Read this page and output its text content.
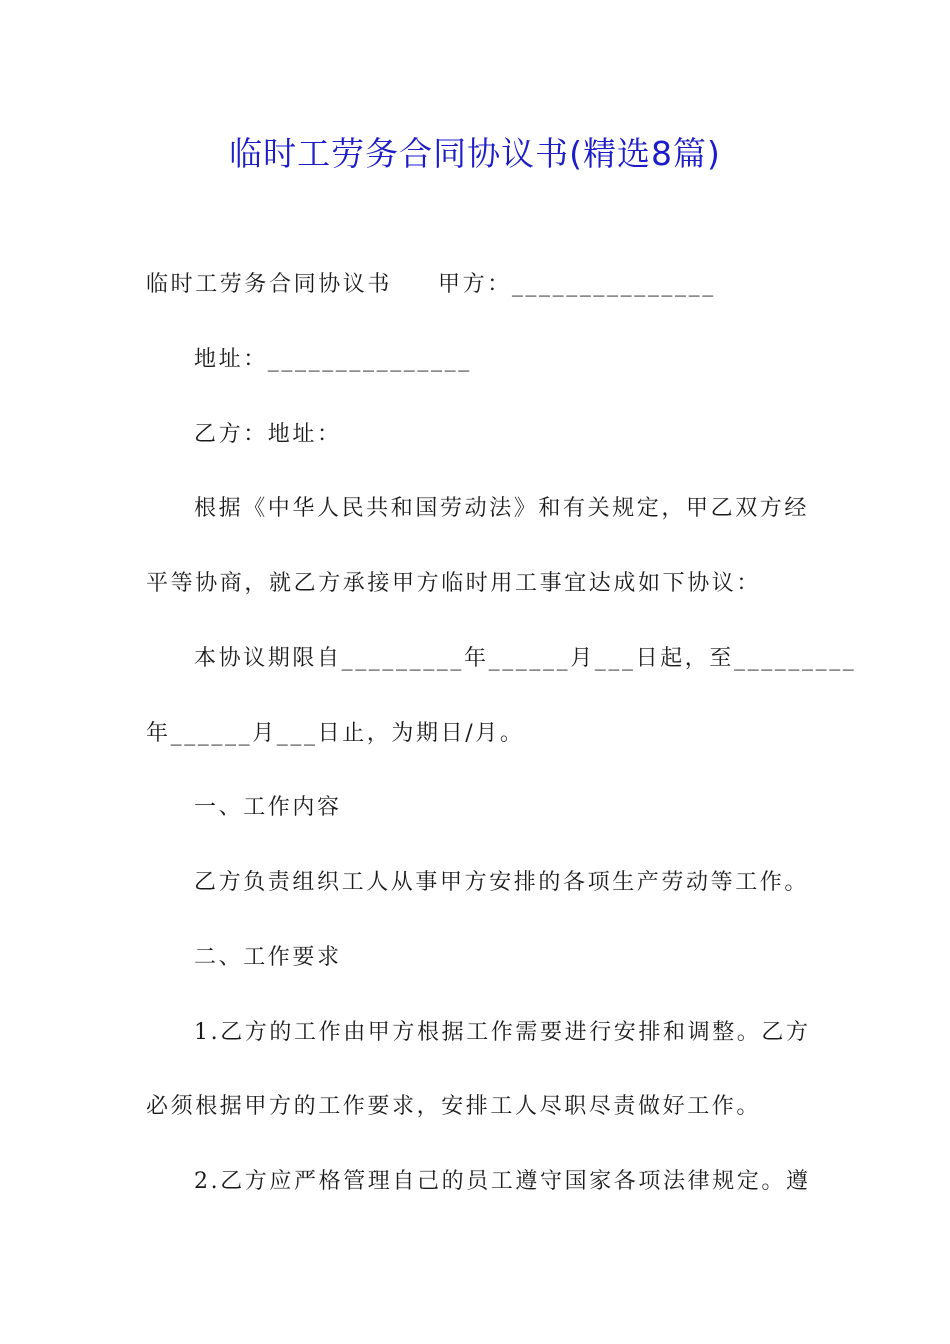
临时工劳务合同协议书(精选8篇)
临时工劳务合同协议书 甲方：_______________
地址：_______________
乙方：地址：
根据《中华人民共和国劳动法》和有关规定，甲乙双方经
平等协商，就乙方承接甲方临时用工事宜达成如下协议：
本协议期限自_________年______月___日起，至_________
年______月___日止，为期日/月。
一、工作内容
乙方负责组织工人从事甲方安排的各项生产劳动等工作。
二、工作要求
1.乙方的工作由甲方根据工作需要进行安排和调整。乙方
必须根据甲方的工作要求，安排工人尽职尽责做好工作。
2.乙方应严格管理自己的员工遵守国家各项法律规定。遵
